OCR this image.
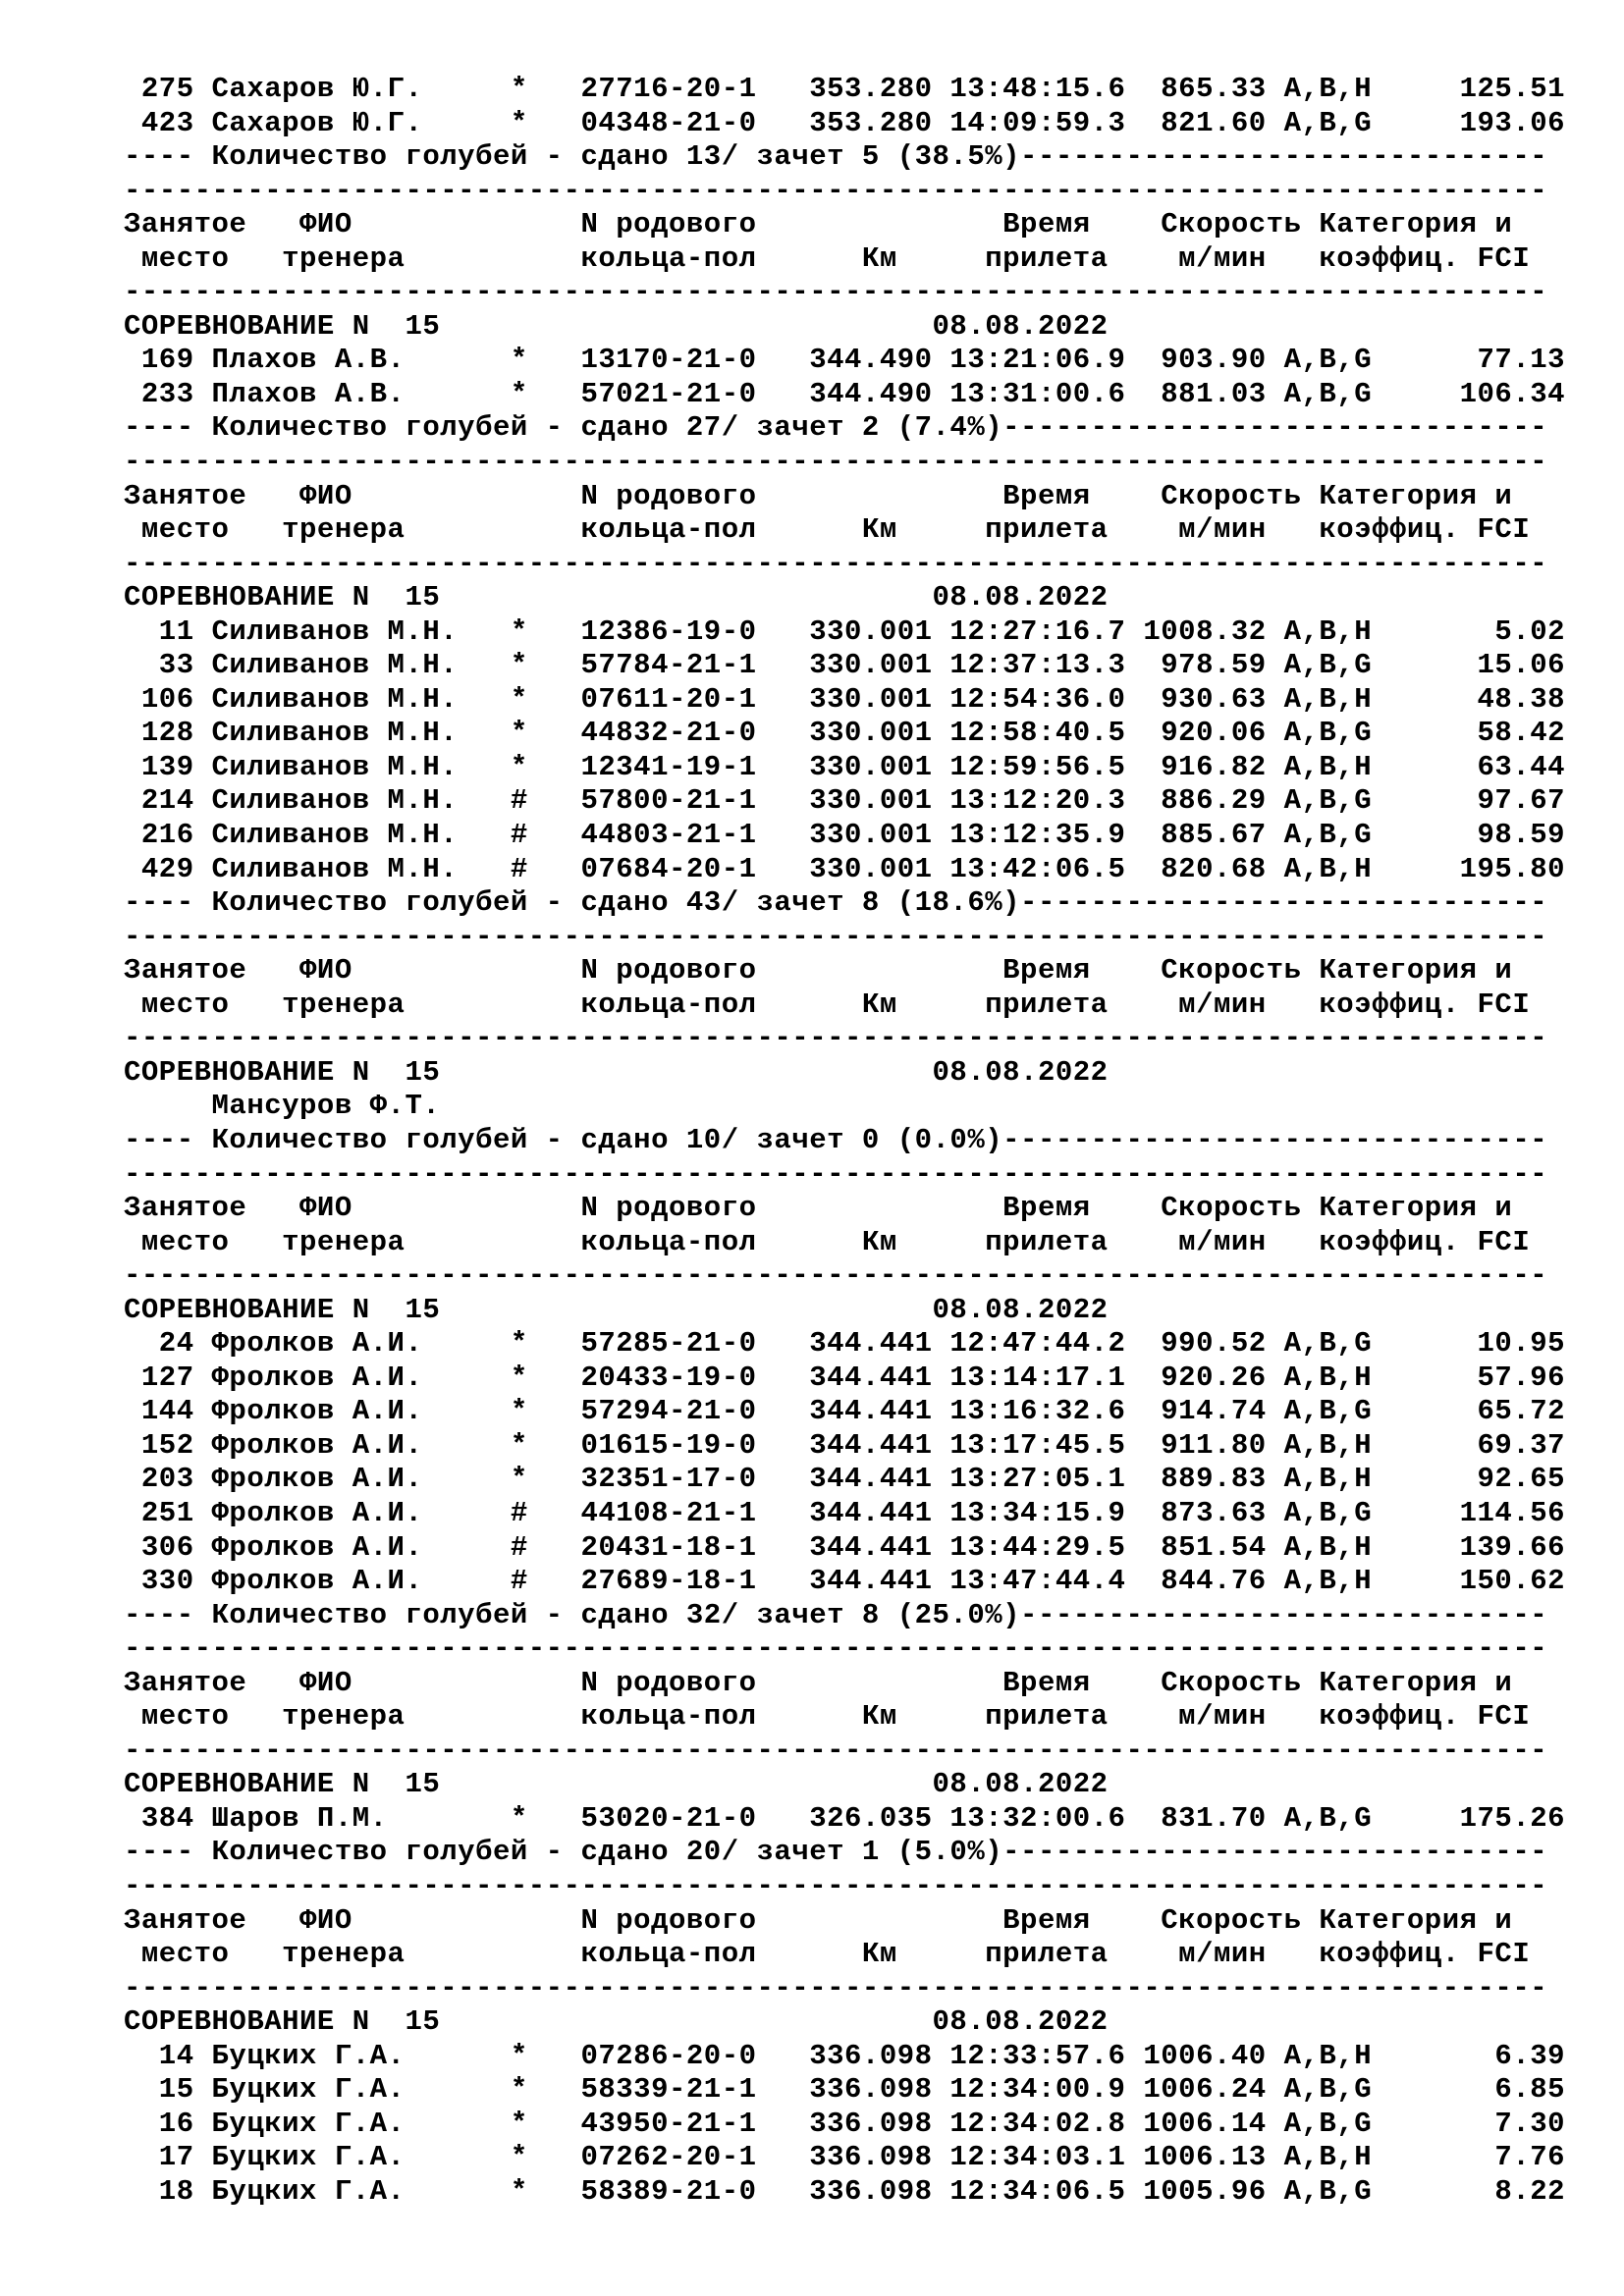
275 Сахаров Ю.Г.     *   27716-20-1   353.280 13:48:15.6  865.33 A,B,H     125.51
423 Сахаров Ю.Г.     *   04348-21-0   353.280 14:09:59.3  821.60 A,B,G     193.06
---- Количество голубей - сдано 13/ зачет 5 (38.5%)------------------------------
---------------------------------------------------------------------------------
Занятое   ФИО             N родового              Время    Скорость Категория и
место   тренера          кольца-пол      Км     прилета    м/мин   коэффиц. FCI
---------------------------------------------------------------------------------
СОРЕВНОВАНИЕ N  15                            08.08.2022
169 Плахов А.В.      *   13170-21-0   344.490 13:21:06.9  903.90 A,B,G      77.13
233 Плахов А.В.      *   57021-21-0   344.490 13:31:00.6  881.03 A,B,G     106.34
---- Количество голубей - сдано 27/ зачет 2 (7.4%)-------------------------------
---------------------------------------------------------------------------------
Занятое   ФИО             N родового              Время    Скорость Категория и
место   тренера          кольца-пол      Км     прилета    м/мин   коэффиц. FCI
---------------------------------------------------------------------------------
СОРЕВНОВАНИЕ N  15                            08.08.2022
11 Силиванов М.Н.   *   12386-19-0   330.001 12:27:16.7 1008.32 A,B,H       5.02
33 Силиванов М.Н.   *   57784-21-1   330.001 12:37:13.3  978.59 A,B,G      15.06
106 Силиванов М.Н.   *   07611-20-1   330.001 12:54:36.0  930.63 A,B,H      48.38
128 Силиванов М.Н.   *   44832-21-0   330.001 12:58:40.5  920.06 A,B,G      58.42
139 Силиванов М.Н.   *   12341-19-1   330.001 12:59:56.5  916.82 A,B,H      63.44
214 Силиванов М.Н.   #   57800-21-1   330.001 13:12:20.3  886.29 A,B,G      97.67
216 Силиванов М.Н.   #   44803-21-1   330.001 13:12:35.9  885.67 A,B,G      98.59
429 Силиванов М.Н.   #   07684-20-1   330.001 13:42:06.5  820.68 A,B,H     195.80
---- Количество голубей - сдано 43/ зачет 8 (18.6%)------------------------------
---------------------------------------------------------------------------------
Занятое   ФИО             N родового              Время    Скорость Категория и
место   тренера          кольца-пол      Км     прилета    м/мин   коэффиц. FCI
---------------------------------------------------------------------------------
СОРЕВНОВАНИЕ N  15                            08.08.2022
Мансуров Ф.Т.
---- Количество голубей - сдано 10/ зачет 0 (0.0%)-------------------------------
---------------------------------------------------------------------------------
Занятое   ФИО             N родового              Время    Скорость Категория и
место   тренера          кольца-пол      Км     прилета    м/мин   коэффиц. FCI
---------------------------------------------------------------------------------
СОРЕВНОВАНИЕ N  15                            08.08.2022
24 Фролков А.И.     *   57285-21-0   344.441 12:47:44.2  990.52 A,B,G      10.95
127 Фролков А.И.     *   20433-19-0   344.441 13:14:17.1  920.26 A,B,H      57.96
144 Фролков А.И.     *   57294-21-0   344.441 13:16:32.6  914.74 A,B,G      65.72
152 Фролков А.И.     *   01615-19-0   344.441 13:17:45.5  911.80 A,B,H      69.37
203 Фролков А.И.     *   32351-17-0   344.441 13:27:05.1  889.83 A,B,H      92.65
251 Фролков А.И.     #   44108-21-1   344.441 13:34:15.9  873.63 A,B,G     114.56
306 Фролков А.И.     #   20431-18-1   344.441 13:44:29.5  851.54 A,B,H     139.66
330 Фролков А.И.     #   27689-18-1   344.441 13:47:44.4  844.76 A,B,H     150.62
---- Количество голубей - сдано 32/ зачет 8 (25.0%)------------------------------
---------------------------------------------------------------------------------
Занятое   ФИО             N родового              Время    Скорость Категория и
место   тренера          кольца-пол      Км     прилета    м/мин   коэффиц. FCI
---------------------------------------------------------------------------------
СОРЕВНОВАНИЕ N  15                            08.08.2022
384 Шаров П.М.       *   53020-21-0   326.035 13:32:00.6  831.70 A,B,G     175.26
---- Количество голубей - сдано 20/ зачет 1 (5.0%)-------------------------------
---------------------------------------------------------------------------------
Занятое   ФИО             N родового              Время    Скорость Категория и
место   тренера          кольца-пол      Км     прилета    м/мин   коэффиц. FCI
---------------------------------------------------------------------------------
СОРЕВНОВАНИЕ N  15                            08.08.2022
14 Буцких Г.А.      *   07286-20-0   336.098 12:33:57.6 1006.40 A,B,H       6.39
15 Буцких Г.А.      *   58339-21-1   336.098 12:34:00.9 1006.24 A,B,G       6.85
16 Буцких Г.А.      *   43950-21-1   336.098 12:34:02.8 1006.14 A,B,G       7.30
17 Буцких Г.А.      *   07262-20-1   336.098 12:34:03.1 1006.13 A,B,H       7.76
18 Буцких Г.А.      *   58389-21-0   336.098 12:34:06.5 1005.96 A,B,G       8.22
